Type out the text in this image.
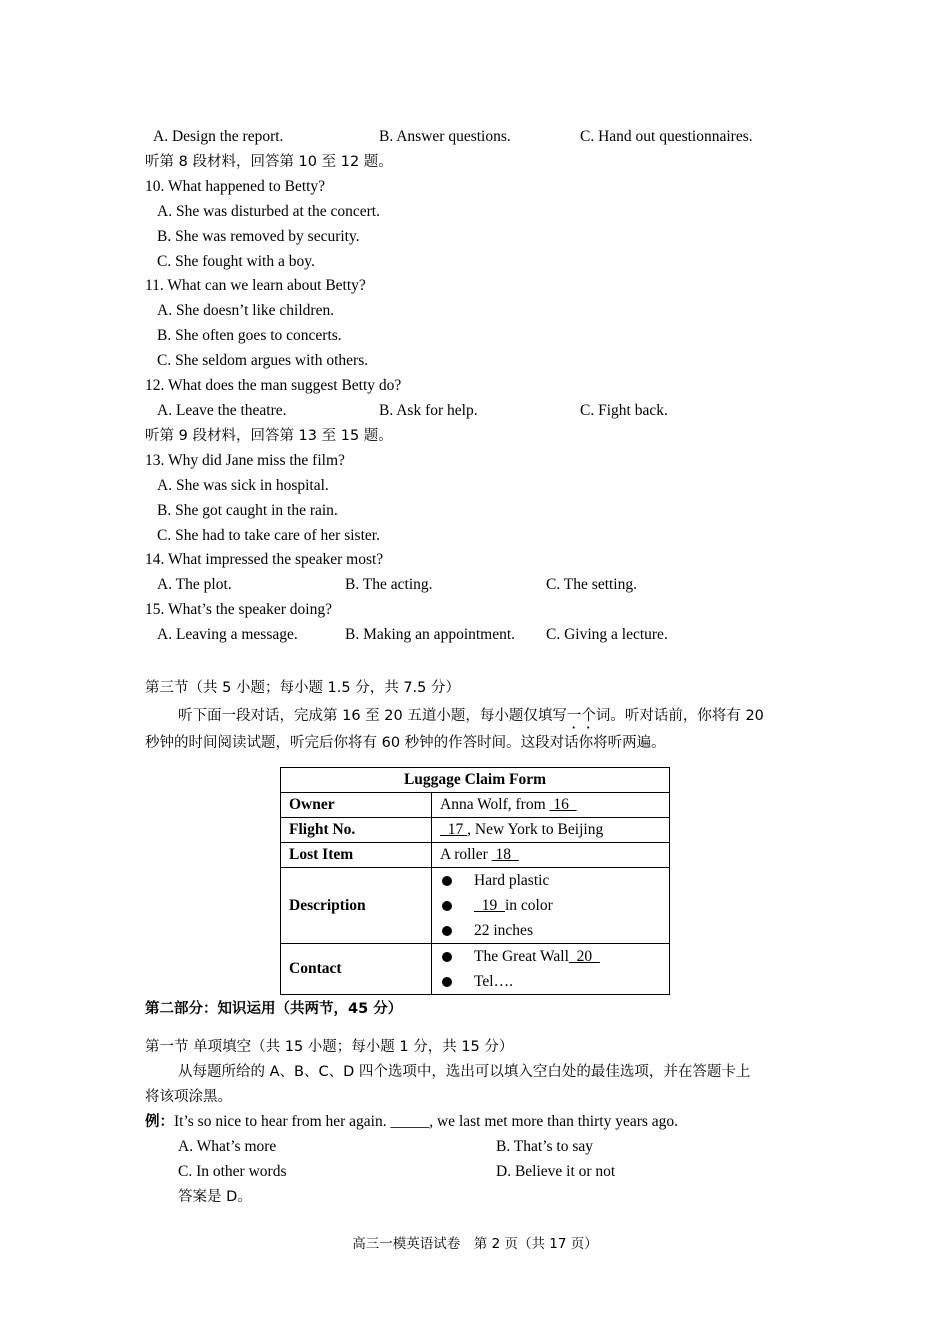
A. Design the report.	B. Answer questions.	C. Hand out questionnaires.
听第 8 段材料，回答第 10 至 12 题。
10. What happened to Betty?
A. She was disturbed at the concert.
B. She was removed by security.
C. She fought with a boy.
11. What can we learn about Betty?
A. She doesn’t like children.
B. She often goes to concerts.
C. She seldom argues with others.
12. What does the man suggest Betty do?
A. Leave the theatre.	B. Ask for help.	C. Fight back.
听第 9 段材料，回答第 13 至 15 题。
13. Why did Jane miss the film?
A. She was sick in hospital.
B. She got caught in the rain.
C. She had to take care of her sister.
14. What impressed the speaker most?
A. The plot.	B. The acting.	C. The setting.
15. What’s the speaker doing?
A. Leaving a message.	B. Making an appointment. C. Giving a lecture.
第三节（共 5 小题；每小题 1.5 分，共 7.5 分）
听下面一段对话，完成第 16 至 20 五道小题，每小题仅填写一个词。听对话前，你将有 20
秒钟的时间阅读试题，听完后你将有 60 秒钟的作答时间。这段对话你将听两遍。
Luggage Claim Form	
Owner	Anna Wolf, from  16
Flight No.	17 , New York to Beijing
Lost Item	A roller  18
Description	Hard plastic
19 in color
22 inches

Contact	The Great Wall 20
Tel….
第二部分：知识运用（共两节，45 分）
第一节 单项填空（共 15 小题；每小题 1 分，共 15 分）
从每题所给的 A、B、C、D 四个选项中，选出可以填入空白处的最佳选项，并在答题卡上
将该项涂黑。
例：It’s so nice to hear from her again. _____, we last met more than thirty years ago.
A. What’s more	B. That’s to say
C. In other words	D. Believe it or not
答案是 D。
高三一模英语试卷　第 2 页（共 17 页）
